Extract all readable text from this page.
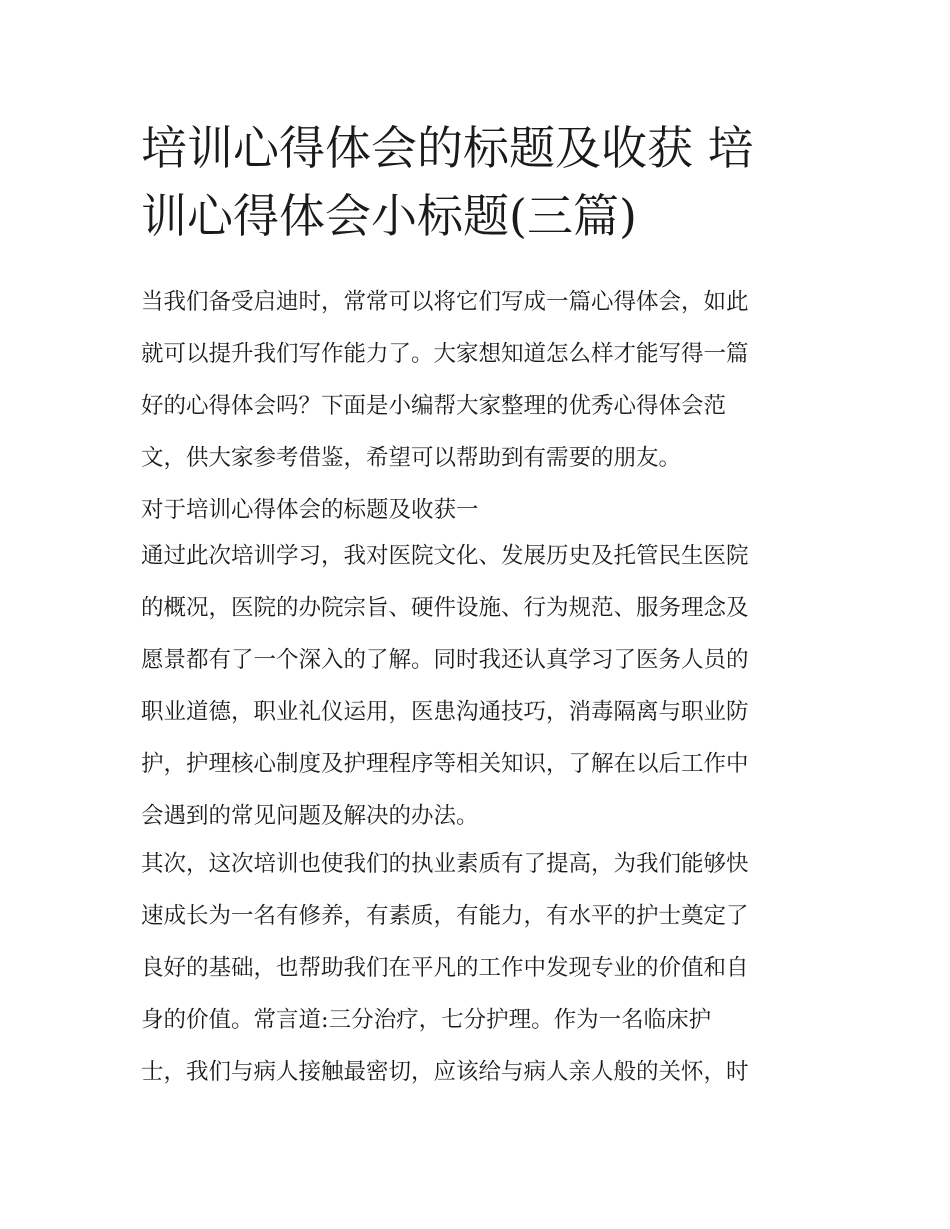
培训心得体会的标题及收获 培
训心得体会小标题(三篇)
当我们备受启迪时，常常可以将它们写成一篇心得体会，如此
就可以提升我们写作能力了。大家想知道怎么样才能写得一篇
好的心得体会吗？下面是小编帮大家整理的优秀心得体会范
文，供大家参考借鉴，希望可以帮助到有需要的朋友。
对于培训心得体会的标题及收获一
通过此次培训学习，我对医院文化、发展历史及托管民生医院
的概况，医院的办院宗旨、硬件设施、行为规范、服务理念及
愿景都有了一个深入的了解。同时我还认真学习了医务人员的
职业道德，职业礼仪运用，医患沟通技巧，消毒隔离与职业防
护，护理核心制度及护理程序等相关知识，了解在以后工作中
会遇到的常见问题及解决的办法。
其次，这次培训也使我们的执业素质有了提高，为我们能够快
速成长为一名有修养，有素质，有能力，有水平的护士奠定了
良好的基础，也帮助我们在平凡的工作中发现专业的价值和自
身的价值。常言道:三分治疗，七分护理。作为一名临床护
士，我们与病人接触最密切，应该给与病人亲人般的关怀，时
